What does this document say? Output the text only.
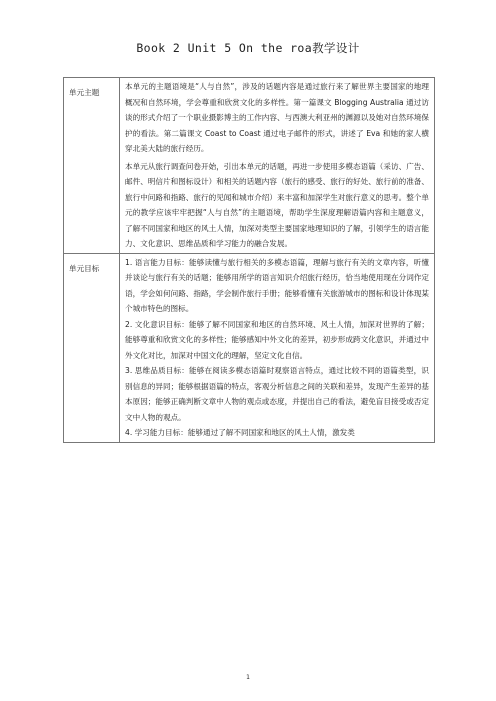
Book 2 Unit 5 On the roa教学设计
单元主题	本单元的主题语境是“人与自然”，涉及的话题内容是通过旅行来了解世界主要国家的地理概况和自然环境，学会尊重和欣赏文化的多样性。第一篇课文 Blogging Australia 通过访谈的形式介绍了一个职业摄影博主的工作内容、与西澳大利亚州的渊源以及她对自然环境保护的看法。第二篇课文 Coast to Coast 通过电子邮件的形式，讲述了 Eva 和她的家人横穿北美大陆的旅行经历。

本单元从旅行调查问卷开始，引出本单元的话题，再进一步使用多模态语篇（采访、广告、邮件、明信片和图标设计）和相关的话题内容（旅行的感受、旅行的好处、旅行前的准备、旅行中问路和指路、旅行的见闻和城市介绍）来丰富和加深学生对旅行意义的思考。整个单元的教学应该牢牢把握“人与自然”的主题语境，帮助学生深度理解语篇内容和主题意义，了解不同国家和地区的风土人情，加深对类型主要国家地理知识的了解，引领学生的语言能力、文化意识、思维品质和学习能力的融合发展。

单元目标	1. 语言能力目标：能够读懂与旅行相关的多模态语篇，理解与旅行有关的文章内容，听懂并谈论与旅行有关的话题；能够用所学的语言知识介绍旅行经历，恰当地使用现在分词作定语，学会如何问路、指路，学会制作旅行手册；能够看懂有关旅游城市的图标和设计体现某个城市特色的图标。

2. 文化意识目标：能够了解不同国家和地区的自然环境、风土人情，加深对世界的了解；能够尊重和欣赏文化的多样性；能够感知中外文化的差异，初步形成跨文化意识，并通过中外文化对比，加深对中国文化的理解，坚定文化自信。

3. 思维品质目标：能够在阅读多模态语篇时观察语言特点，通过比较不同的语篇类型，识别信息的异同；能够根据语篇的特点，客观分析信息之间的关联和差异，发现产生差异的基本原因；能够正确判断文章中人物的观点或态度，并提出自己的看法，避免盲目接受或否定文中人物的观点。

4. 学习能力目标：能够通过了解不同国家和地区的风土人情，激发类

1
